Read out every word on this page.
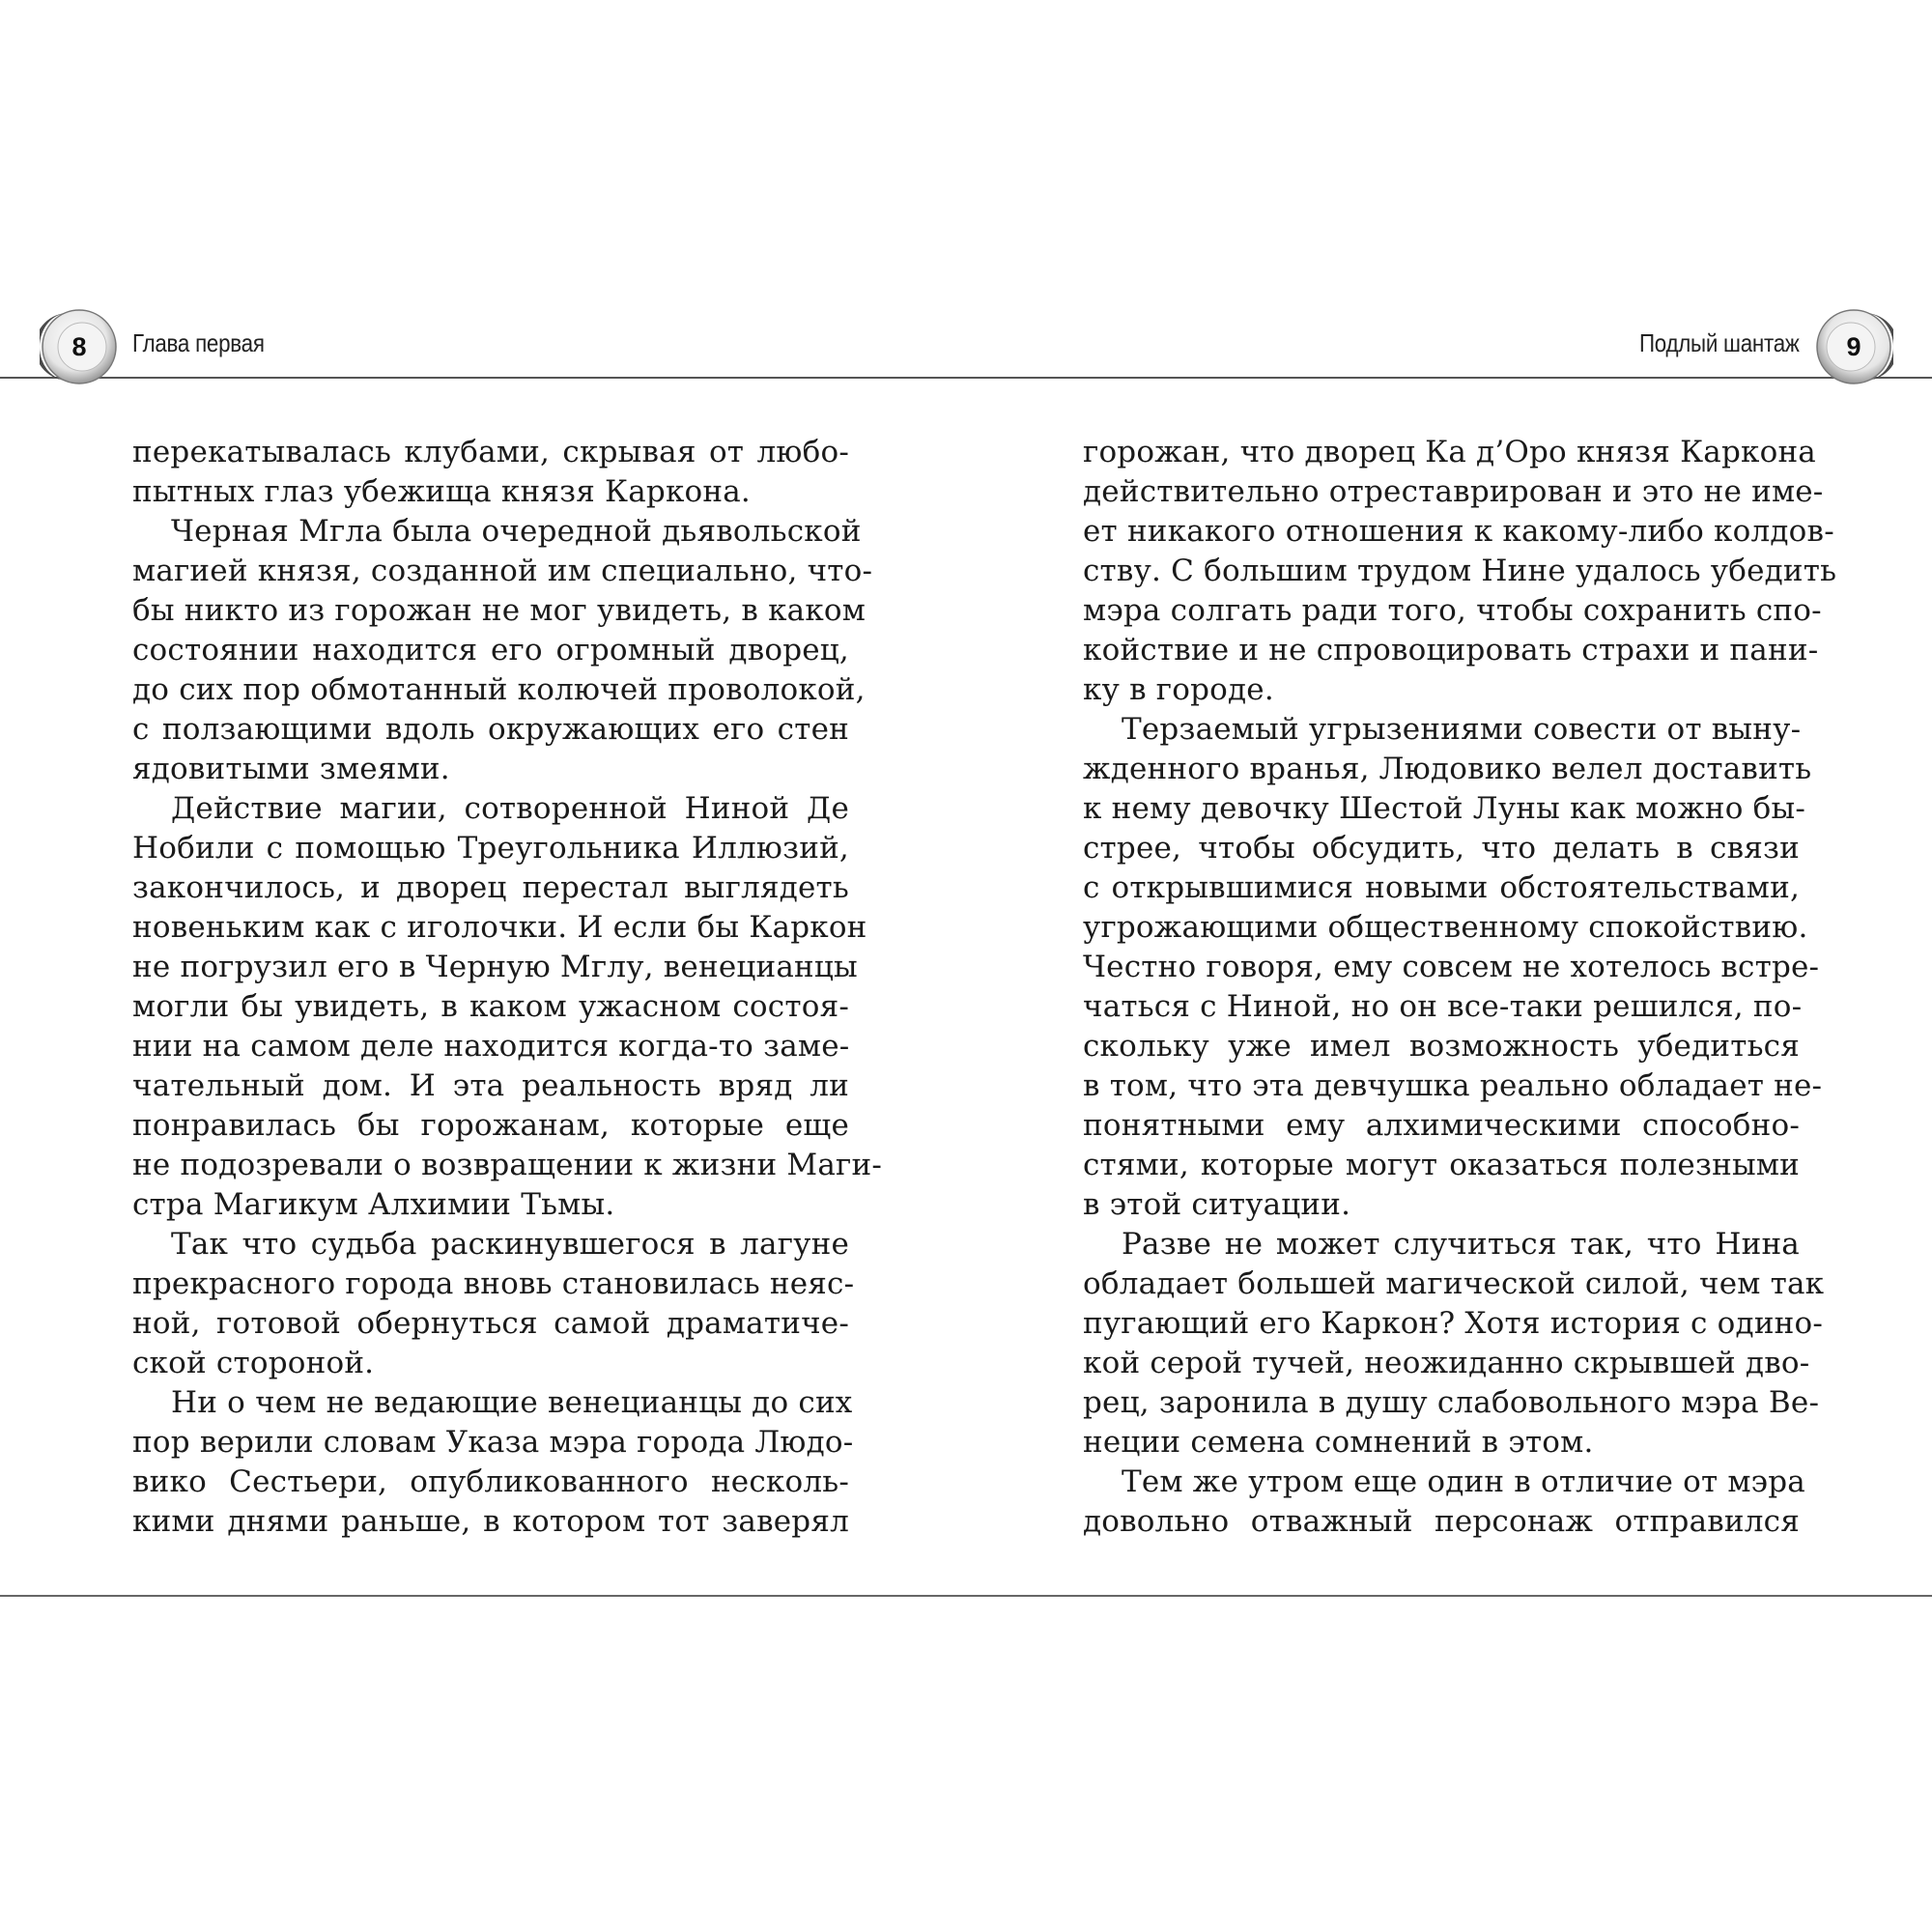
8	9
Глава первая	Подлый шантаж
перекатывалась клубами, скрывая от любо-
пытных глаз убежища князя Каркона.
Черная Мгла была очередной дьявольской
магией князя, созданной им специально, что-
бы никто из горожан не мог увидеть, в каком
состоянии находится его огромный дворец,
до сих пор обмотанный колючей проволокой,
с ползающими вдоль окружающих его стен
ядовитыми змеями.
Действие магии, сотворенной Ниной Де
Нобили с помощью Треугольника Иллюзий,
закончилось, и дворец перестал выглядеть
новеньким как с иголочки. И если бы Каркон
не погрузил его в Черную Мглу, венецианцы
могли бы увидеть, в каком ужасном состоя-
нии на самом деле находится когда-то заме-
чательный дом. И эта реальность вряд ли
понравилась бы горожанам, которые еще
не подозревали о возвращении к жизни Маги-
стра Магикум Алхимии Тьмы.
Так что судьба раскинувшегося в лагуне
прекрасного города вновь становилась неяс-
ной, готовой обернуться самой драматиче-
ской стороной.
Ни о чем не ведающие венецианцы до сих
пор верили словам Указа мэра города Людо-
вико Сестьери, опубликованного несколь-
кими днями раньше, в котором тот заверял
горожан, что дворец Ка д’Оро князя Каркона
действительно отреставрирован и это не име-
ет никакого отношения к какому-либо колдов-
ству. С большим трудом Нине удалось убедить
мэра солгать ради того, чтобы сохранить спо-
койствие и не спровоцировать страхи и пани-
ку в городе.
Терзаемый угрызениями совести от выну-
жденного вранья, Людовико велел доставить
к нему девочку Шестой Луны как можно бы-
стрее, чтобы обсудить, что делать в связи
с открывшимися новыми обстоятельствами,
угрожающими общественному спокойствию.
Честно говоря, ему совсем не хотелось встре-
чаться с Ниной, но он все-таки решился, по-
скольку уже имел возможность убедиться
в том, что эта девчушка реально обладает не-
понятными ему алхимическими способно-
стями, которые могут оказаться полезными
в этой ситуации.
Разве не может случиться так, что Нина
обладает большей магической силой, чем так
пугающий его Каркон? Хотя история с одино-
кой серой тучей, неожиданно скрывшей дво-
рец, заронила в душу слабовольного мэра Ве-
неции семена сомнений в этом.
Тем же утром еще один в отличие от мэра
довольно отважный персонаж отправился
